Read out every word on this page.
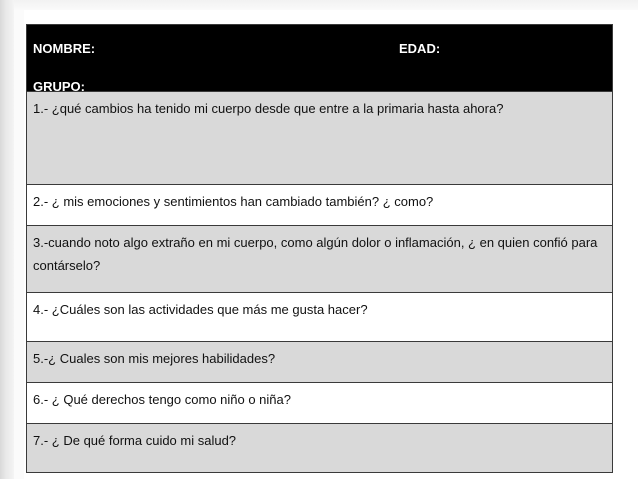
NOMBRE:	EDAD:
GRUPO:

1.- ¿qué cambios ha tenido mi cuerpo desde que entre a la primaria hasta ahora?

2.- ¿ mis emociones y sentimientos han cambiado también? ¿ como?

3.-cuando noto algo extraño en mi cuerpo, como algún dolor o inflamación, ¿ en quien confió para contárselo?

4.- ¿Cuáles son las actividades que más me gusta hacer?

5.-¿ Cuales son mis mejores habilidades?

6.- ¿ Qué derechos tengo como niño o niña?

7.- ¿ De qué forma cuido mi salud?
